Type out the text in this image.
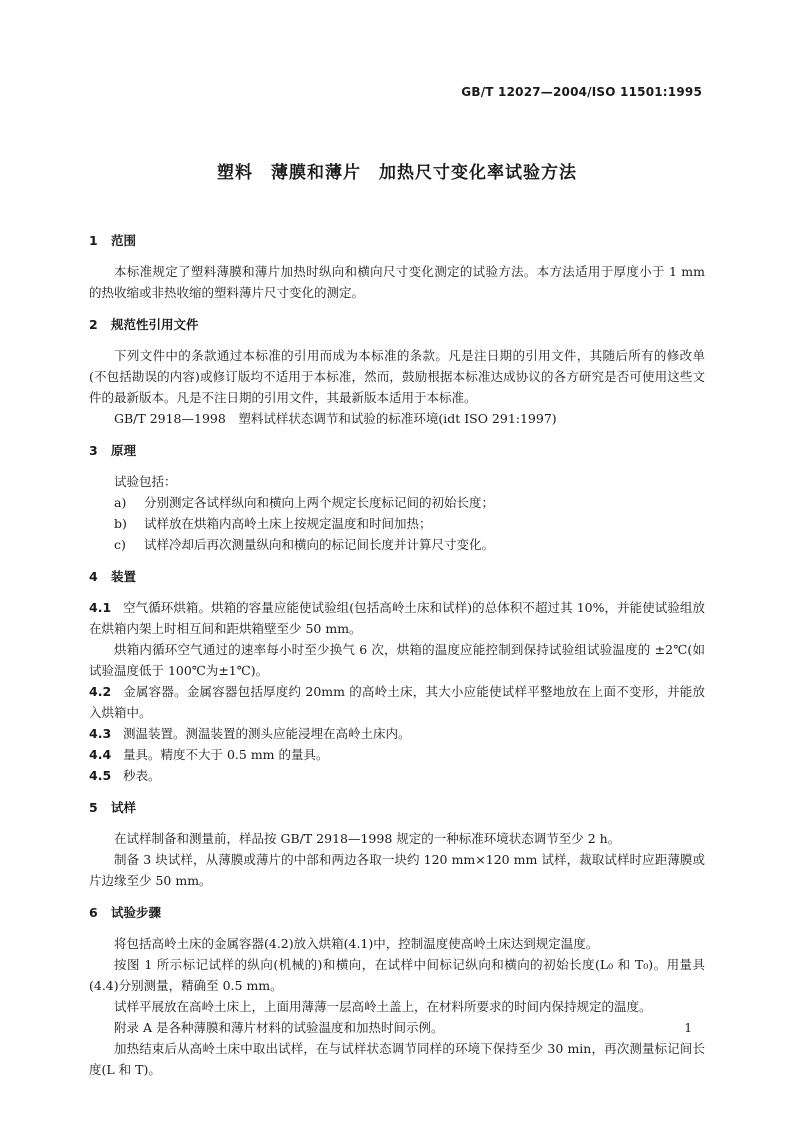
GB/T 12027—2004/ISO 11501:1995
塑料　薄膜和薄片　加热尺寸变化率试验方法
1 范围

本标准规定了塑料薄膜和薄片加热时纵向和横向尺寸变化测定的试验方法。本方法适用于厚度小于 1 mm 的热收缩或非热收缩的塑料薄片尺寸变化的测定。

2 规范性引用文件

下列文件中的条款通过本标准的引用而成为本标准的条款。凡是注日期的引用文件，其随后所有的修改单(不包括勘误的内容)或修订版均不适用于本标准，然而，鼓励根据本标准达成协议的各方研究是否可使用这些文件的最新版本。凡是不注日期的引用文件，其最新版本适用于本标准。

GB/T 2918—1998　塑料试样状态调节和试验的标准环境(idt ISO 291:1997)

3 原理

试验包括：

a) 分别测定各试样纵向和横向上两个规定长度标记间的初始长度；

b) 试样放在烘箱内高岭土床上按规定温度和时间加热；

c) 试样冷却后再次测量纵向和横向的标记间长度并计算尺寸变化。

4 装置

4.1 空气循环烘箱。烘箱的容量应能使试验组(包括高岭土床和试样)的总体积不超过其 10%，并能使试验组放在烘箱内架上时相互间和距烘箱壁至少 50 mm。

烘箱内循环空气通过的速率每小时至少换气 6 次，烘箱的温度应能控制到保持试验组试验温度的 ±2℃(如试验温度低于 100℃为±1℃)。

4.2 金属容器。金属容器包括厚度约 20mm 的高岭土床，其大小应能使试样平整地放在上面不变形，并能放入烘箱中。

4.3 测温装置。测温装置的测头应能浸埋在高岭土床内。

4.4 量具。精度不大于 0.5 mm 的量具。

4.5 秒表。

5 试样

在试样制备和测量前，样品按 GB/T 2918—1998 规定的一种标准环境状态调节至少 2 h。

制备 3 块试样，从薄膜或薄片的中部和两边各取一块约 120 mm×120 mm 试样，裁取试样时应距薄膜或片边缘至少 50 mm。

6 试验步骤

将包括高岭土床的金属容器(4.2)放入烘箱(4.1)中，控制温度使高岭土床达到规定温度。

按图 1 所示标记试样的纵向(机械的)和横向，在试样中间标记纵向和横向的初始长度(L₀ 和 T₀)。用量具(4.4)分别测量，精确至 0.5 mm。

试样平展放在高岭土床上，上面用薄薄一层高岭土盖上，在材料所要求的时间内保持规定的温度。

附录 A 是各种薄膜和薄片材料的试验温度和加热时间示例。

加热结束后从高岭土床中取出试样，在与试样状态调节同样的环境下保持至少 30 min，再次测量标记间长度(L 和 T)。

1
